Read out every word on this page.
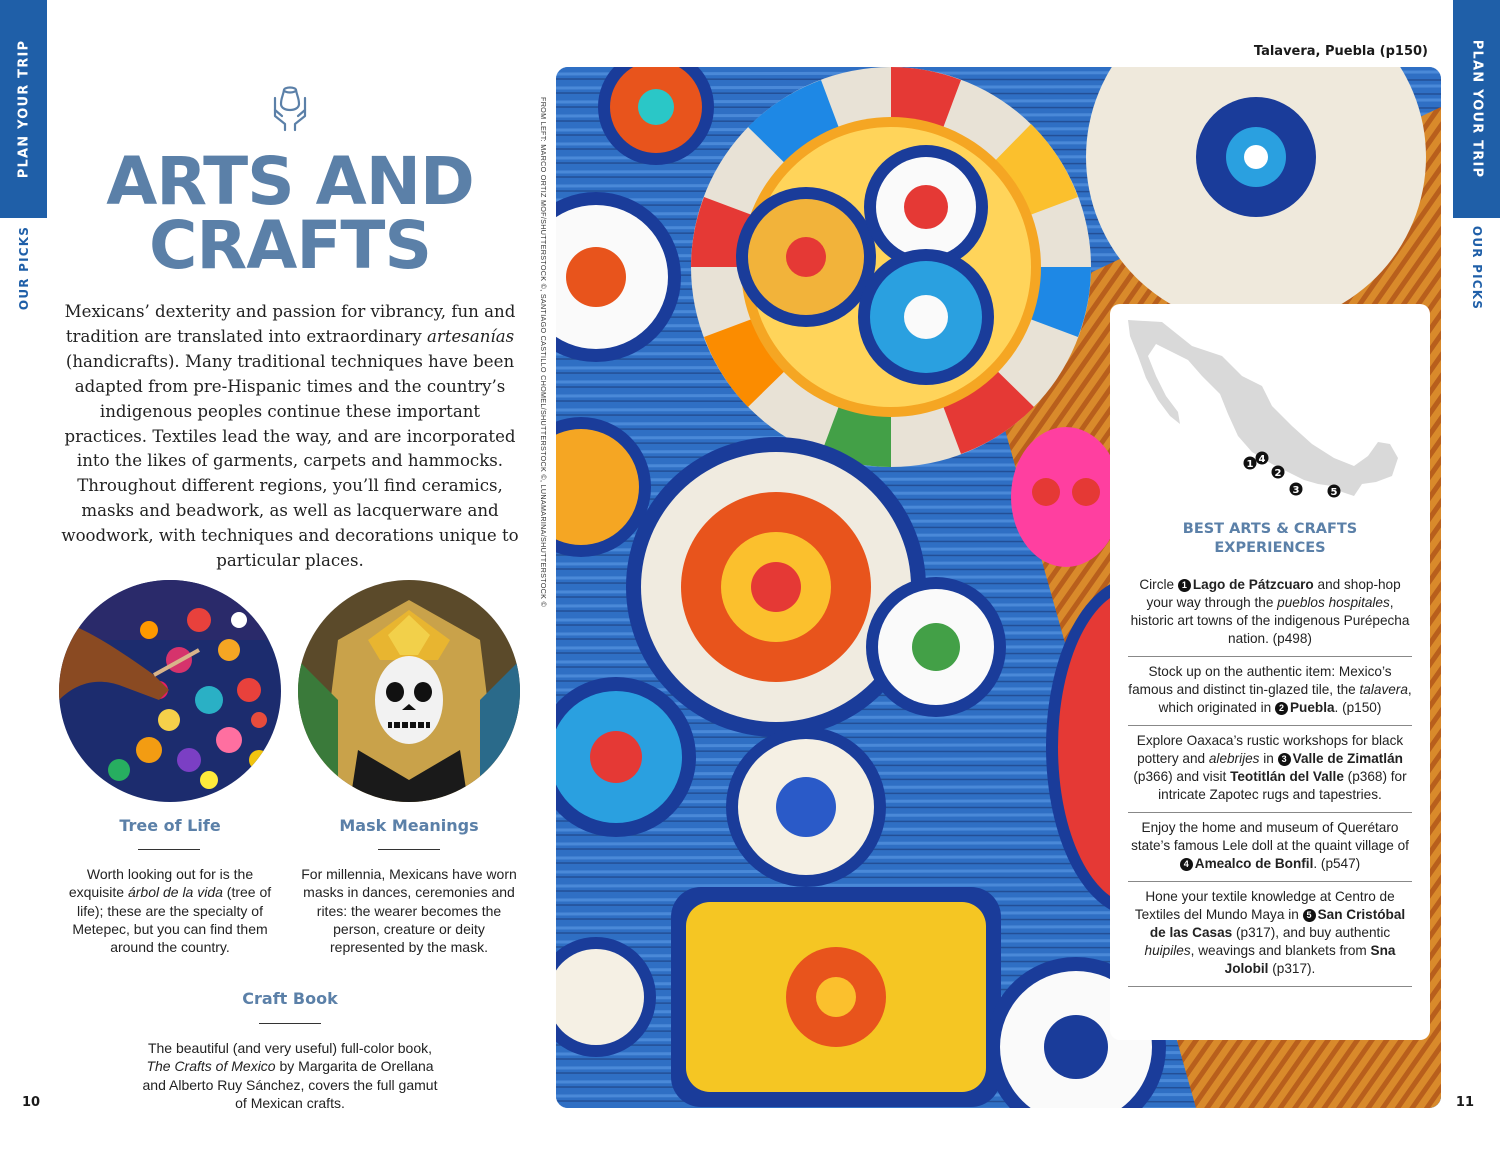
PLAN YOUR TRIP
OUR PICKS
PLAN YOUR TRIP
OUR PICKS
10	11
ARTS AND
CRAFTS
Mexicans’ dexterity and passion for vibrancy, fun and tradition are translated into extraordinary artesanías (handicrafts). Many traditional techniques have been adapted from pre-Hispanic times and the country’s indigenous peoples continue these important practices. Textiles lead the way, and are incorporated into the likes of garments, carpets and hammocks. Throughout different regions, you’ll find ceramics, masks and beadwork, as well as lacquerware and woodwork, with techniques and decorations unique to particular places.
Tree of Life
Worth looking out for is the exquisite árbol de la vida (tree of life); these are the specialty of Metepec, but you can find them around the country.
Mask Meanings
For millennia, Mexicans have worn masks in dances, ceremonies and rites: the wearer becomes the person, creature or deity represented by the mask.
Craft Book
The beautiful (and very useful) full-color book, The Crafts of Mexico by Margarita de Orellana and Alberto Ruy Sánchez, covers the full gamut of Mexican crafts.
Talavera, Puebla (p150)
FROM LEFT: MARCO ORTIZ MOF/SHUTTERSTOCK ©, SANTIAGO CASTILLO CHOMEL/SHUTTERSTOCK ©, LUNAMARINA/SHUTTERSTOCK ©	1 4
2
3	5
BEST ARTS & CRAFTS
EXPERIENCES
Circle 1 Lago de Pátzcuaro and shop-hop your way through the pueblos hospitales, historic art towns of the indigenous Purépecha nation. (p498)
Stock up on the authentic item: Mexico’s famous and distinct tin-glazed tile, the talavera, which originated in 2 Puebla. (p150)
Explore Oaxaca’s rustic workshops for black pottery and alebrijes in 3 Valle de Zimatlán (p366) and visit Teotitlán del Valle (p368) for intricate Zapotec rugs and tapestries.
Enjoy the home and museum of Querétaro state’s famous Lele doll at the quaint village of 4 Amealco de Bonfil. (p547)
Hone your textile knowledge at Centro de Textiles del Mundo Maya in 5 San Cristóbal de las Casas (p317), and buy authentic huipiles, weavings and blankets from Sna Jolobil (p317).
